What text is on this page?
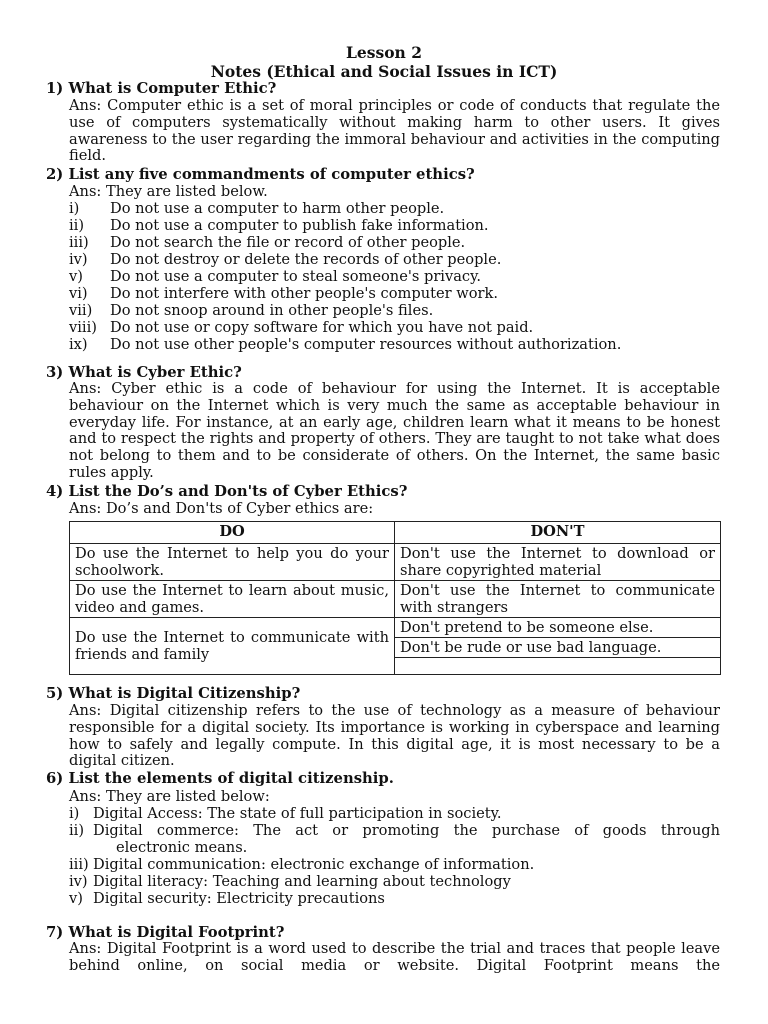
Lesson 2
Notes (Ethical and Social Issues in ICT)
1) What is Computer Ethic?
Ans: Computer ethic is a set of moral principles or code of conducts that regulate the use of computers systematically without making harm to other users. It gives awareness to the user regarding the immoral behaviour and activities in the computing field.
2) List any five commandments of computer ethics?
Ans: They are listed below.
i) Do not use a computer to harm other people.
ii) Do not use a computer to publish fake information.
iii) Do not search the file or record of other people.
iv) Do not destroy or delete the records of other people.
v) Do not use a computer to steal someone's privacy.
vi) Do not interfere with other people's computer work.
vii) Do not snoop around in other people's files.
viii) Do not use or copy software for which you have not paid.
ix) Do not use other people's computer resources without authorization.
3) What is Cyber Ethic?
Ans: Cyber ethic is a code of behaviour for using the Internet. It is acceptable behaviour on the Internet which is very much the same as acceptable behaviour in everyday life. For instance, at an early age, children learn what it means to be honest and to respect the rights and property of others. They are taught to not take what does not belong to them and to be considerate of others. On the Internet, the same basic rules apply.
4) List the Do’s and Don'ts of Cyber Ethics?
Ans: Do’s and Don'ts of Cyber ethics are:
DO	DON'T
Do use the Internet to help you do your schoolwork.	Don't use the Internet to download or share copyrighted material
Do use the Internet to learn about music, video and games.	Don't use the Internet to communicate with strangers
Do use the Internet to communicate with friends and family	Don't pretend to be someone else.
	Don't be rude or use bad language.

5) What is Digital Citizenship?
Ans: Digital citizenship refers to the use of technology as a measure of behaviour responsible for a digital society. Its importance is working in cyberspace and learning how to safely and legally compute. In this digital age, it is most necessary to be a digital citizen.
6) List the elements of digital citizenship.
Ans: They are listed below:
i) Digital Access: The state of full participation in society.
ii) Digital commerce: The act or promoting the purchase of goods through
electronic means.
iii) Digital communication: electronic exchange of information.
iv) Digital literacy: Teaching and learning about technology
v) Digital security: Electricity precautions
7) What is Digital Footprint?
Ans: Digital Footprint is a word used to describe the trial and traces that people leave behind online, on social media or website. Digital Footprint means the
